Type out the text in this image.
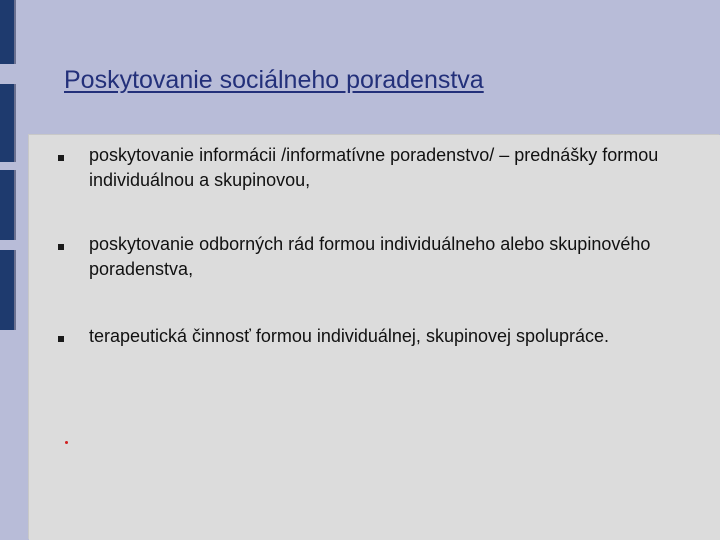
Poskytovanie sociálneho poradenstva
poskytovanie informácii /informatívne poradenstvo/ – prednášky formou individuálnou a skupinovou,
poskytovanie odborných rád formou individuálneho alebo skupinového poradenstva,
terapeutická činnosť formou individuálnej, skupinovej spolupráce.
